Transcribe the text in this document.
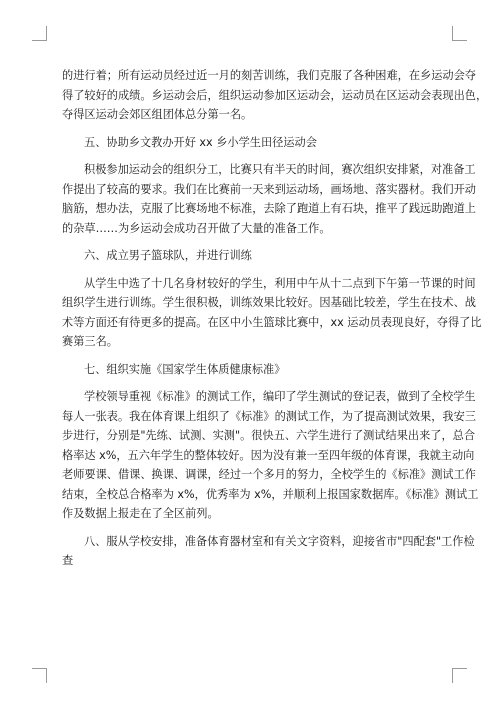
的进行着；所有运动员经过近一月的刻苦训练，我们克服了各种困难，在乡运动会夺
得了较好的成绩。乡运动会后，组织运动参加区运动会，运动员在区运动会表现出色，
夺得区运动会郊区组团体总分第一名。
五、协助乡文教办开好 xx 乡小学生田径运动会
积极参加运动会的组织分工，比赛只有半天的时间，赛次组织安排紧，对准备工
作提出了较高的要求。我们在比赛前一天来到运动场，画场地、落实器材。我们开动
脑筋，想办法，克服了比赛场地不标准，去除了跑道上有石块，推平了践远助跑道上
的杂草……为乡运动会成功召开做了大量的准备工作。
六、成立男子篮球队，并进行训练
从学生中选了十几名身材较好的学生，利用中午从十二点到下午第一节课的时间
组织学生进行训练。学生很积极，训练效果比较好。因基础比较差，学生在技术、战
术等方面还有待更多的提高。在区中小生篮球比赛中，xx 运动员表现良好，夺得了比
赛第三名。
七、组织实施《国家学生体质健康标准》
学校领导重视《标准》的测试工作，编印了学生测试的登记表，做到了全校学生
每人一张表。我在体育课上组织了《标准》的测试工作，为了提高测试效果，我安三
步进行，分别是"先练、试测、实测"。很快五、六学生进行了测试结果出来了，总合
格率达 x%，五六年学生的整体较好。因为没有兼一至四年级的体育课，我就主动向
老师要课、借课、换课、调课，经过一个多月的努力，全校学生的《标准》测试工作
结束，全校总合格率为 x%，优秀率为 x%，并顺利上报国家数据库。《标准》测试工
作及数据上报走在了全区前列。
八、服从学校安排，准备体育器材室和有关文字资料，迎接省市"四配套"工作检
查
